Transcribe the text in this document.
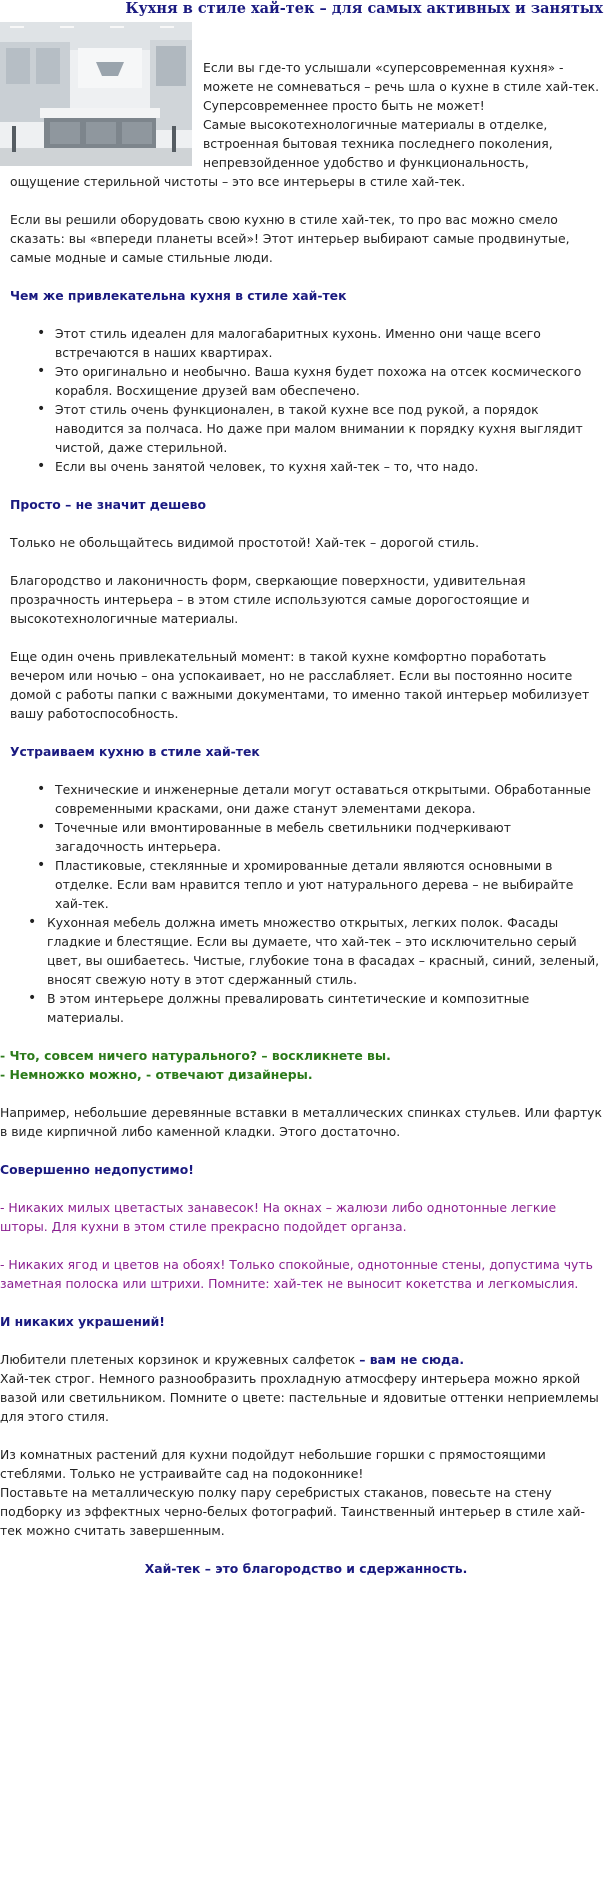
Кухня в стиле хай-тек – для самых активных и занятых

Если вы где-то услышали «суперсовременная кухня» -

можете не сомневаться – речь шла о кухне в стиле хай-тек.

Суперсовременнее просто быть не может!

Самые высокотехнологичные материалы в отделке,

встроенная бытовая техника последнего поколения,

непревзойденное удобство и функциональность,

ощущение стерильной чистоты – это все интерьеры в стиле хай-тек.

Если вы решили оборудовать свою кухню в стиле хай-тек, то про вас можно смело сказать: вы «впереди планеты всей»! Этот интерьер выбирают самые продвинутые, самые модные и самые стильные люди.

Чем же привлекательна кухня в стиле хай-тек

• Этот стиль идеален для малогабаритных кухонь. Именно они чаще всего встречаются в наших квартирах.
• Это оригинально и необычно. Ваша кухня будет похожа на отсек космического корабля. Восхищение друзей вам обеспечено.
• Этот стиль очень функционален, в такой кухне все под рукой, а порядок наводится за полчаса. Но даже при малом внимании к порядку кухня выглядит чистой, даже стерильной.
• Если вы очень занятой человек, то кухня хай-тек – то, что надо.

Просто – не значит дешево

Только не обольщайтесь видимой простотой! Хай-тек – дорогой стиль.

Благородство и лаконичность форм, сверкающие поверхности, удивительная прозрачность интерьера – в этом стиле используются самые дорогостоящие и высокотехнологичные материалы.

Еще один очень привлекательный момент: в такой кухне комфортно поработать вечером или ночью – она успокаивает, но не расслабляет. Если вы постоянно носите домой с работы папки с важными документами, то именно такой интерьер мобилизует вашу работоспособность.

Устраиваем кухню в стиле хай-тек

• Технические и инженерные детали могут оставаться открытыми. Обработанные современными красками, они даже станут элементами декора.
• Точечные или вмонтированные в мебель светильники подчеркивают загадочность интерьера.
• Пластиковые, стеклянные и хромированные детали являются основными в отделке. Если вам нравится тепло и уют натурального дерева – не выбирайте хай-тек.
• Кухонная мебель должна иметь множество открытых, легких полок. Фасады гладкие и блестящие. Если вы думаете, что хай-тек – это исключительно серый цвет, вы ошибаетесь. Чистые, глубокие тона в фасадах – красный, синий, зеленый, вносят свежую ноту в этот сдержанный стиль.
• В этом интерьере должны превалировать синтетические и композитные материалы.

- Что, совсем ничего натурального? – воскликнете вы.

- Немножко можно, - отвечают дизайнеры.

Например, небольшие деревянные вставки в металлических спинках стульев. Или фартук в виде кирпичной либо каменной кладки. Этого достаточно.

Совершенно недопустимо!

- Никаких милых цветастых занавесок! На окнах – жалюзи либо однотонные легкие шторы. Для кухни в этом стиле прекрасно подойдет органза.

- Никаких ягод и цветов на обоях! Только спокойные, однотонные стены, допустима чуть заметная полоска или штрихи. Помните: хай-тек не выносит кокетства и легкомыслия.

И никаких украшений!

Любители плетеных корзинок и кружевных салфеток – вам не сюда.

Хай-тек строг. Немного разнообразить прохладную атмосферу интерьера можно яркой вазой или светильником. Помните о цвете: пастельные и ядовитые оттенки неприемлемы для этого стиля.

Из комнатных растений для кухни подойдут небольшие горшки с прямостоящими стеблями. Только не устраивайте сад на подоконнике!

Поставьте на металлическую полку пару серебристых стаканов, повесьте на стену подборку из эффектных черно-белых фотографий. Таинственный интерьер в стиле хай-тек можно считать завершенным.

Хай-тек – это благородство и сдержанность.
